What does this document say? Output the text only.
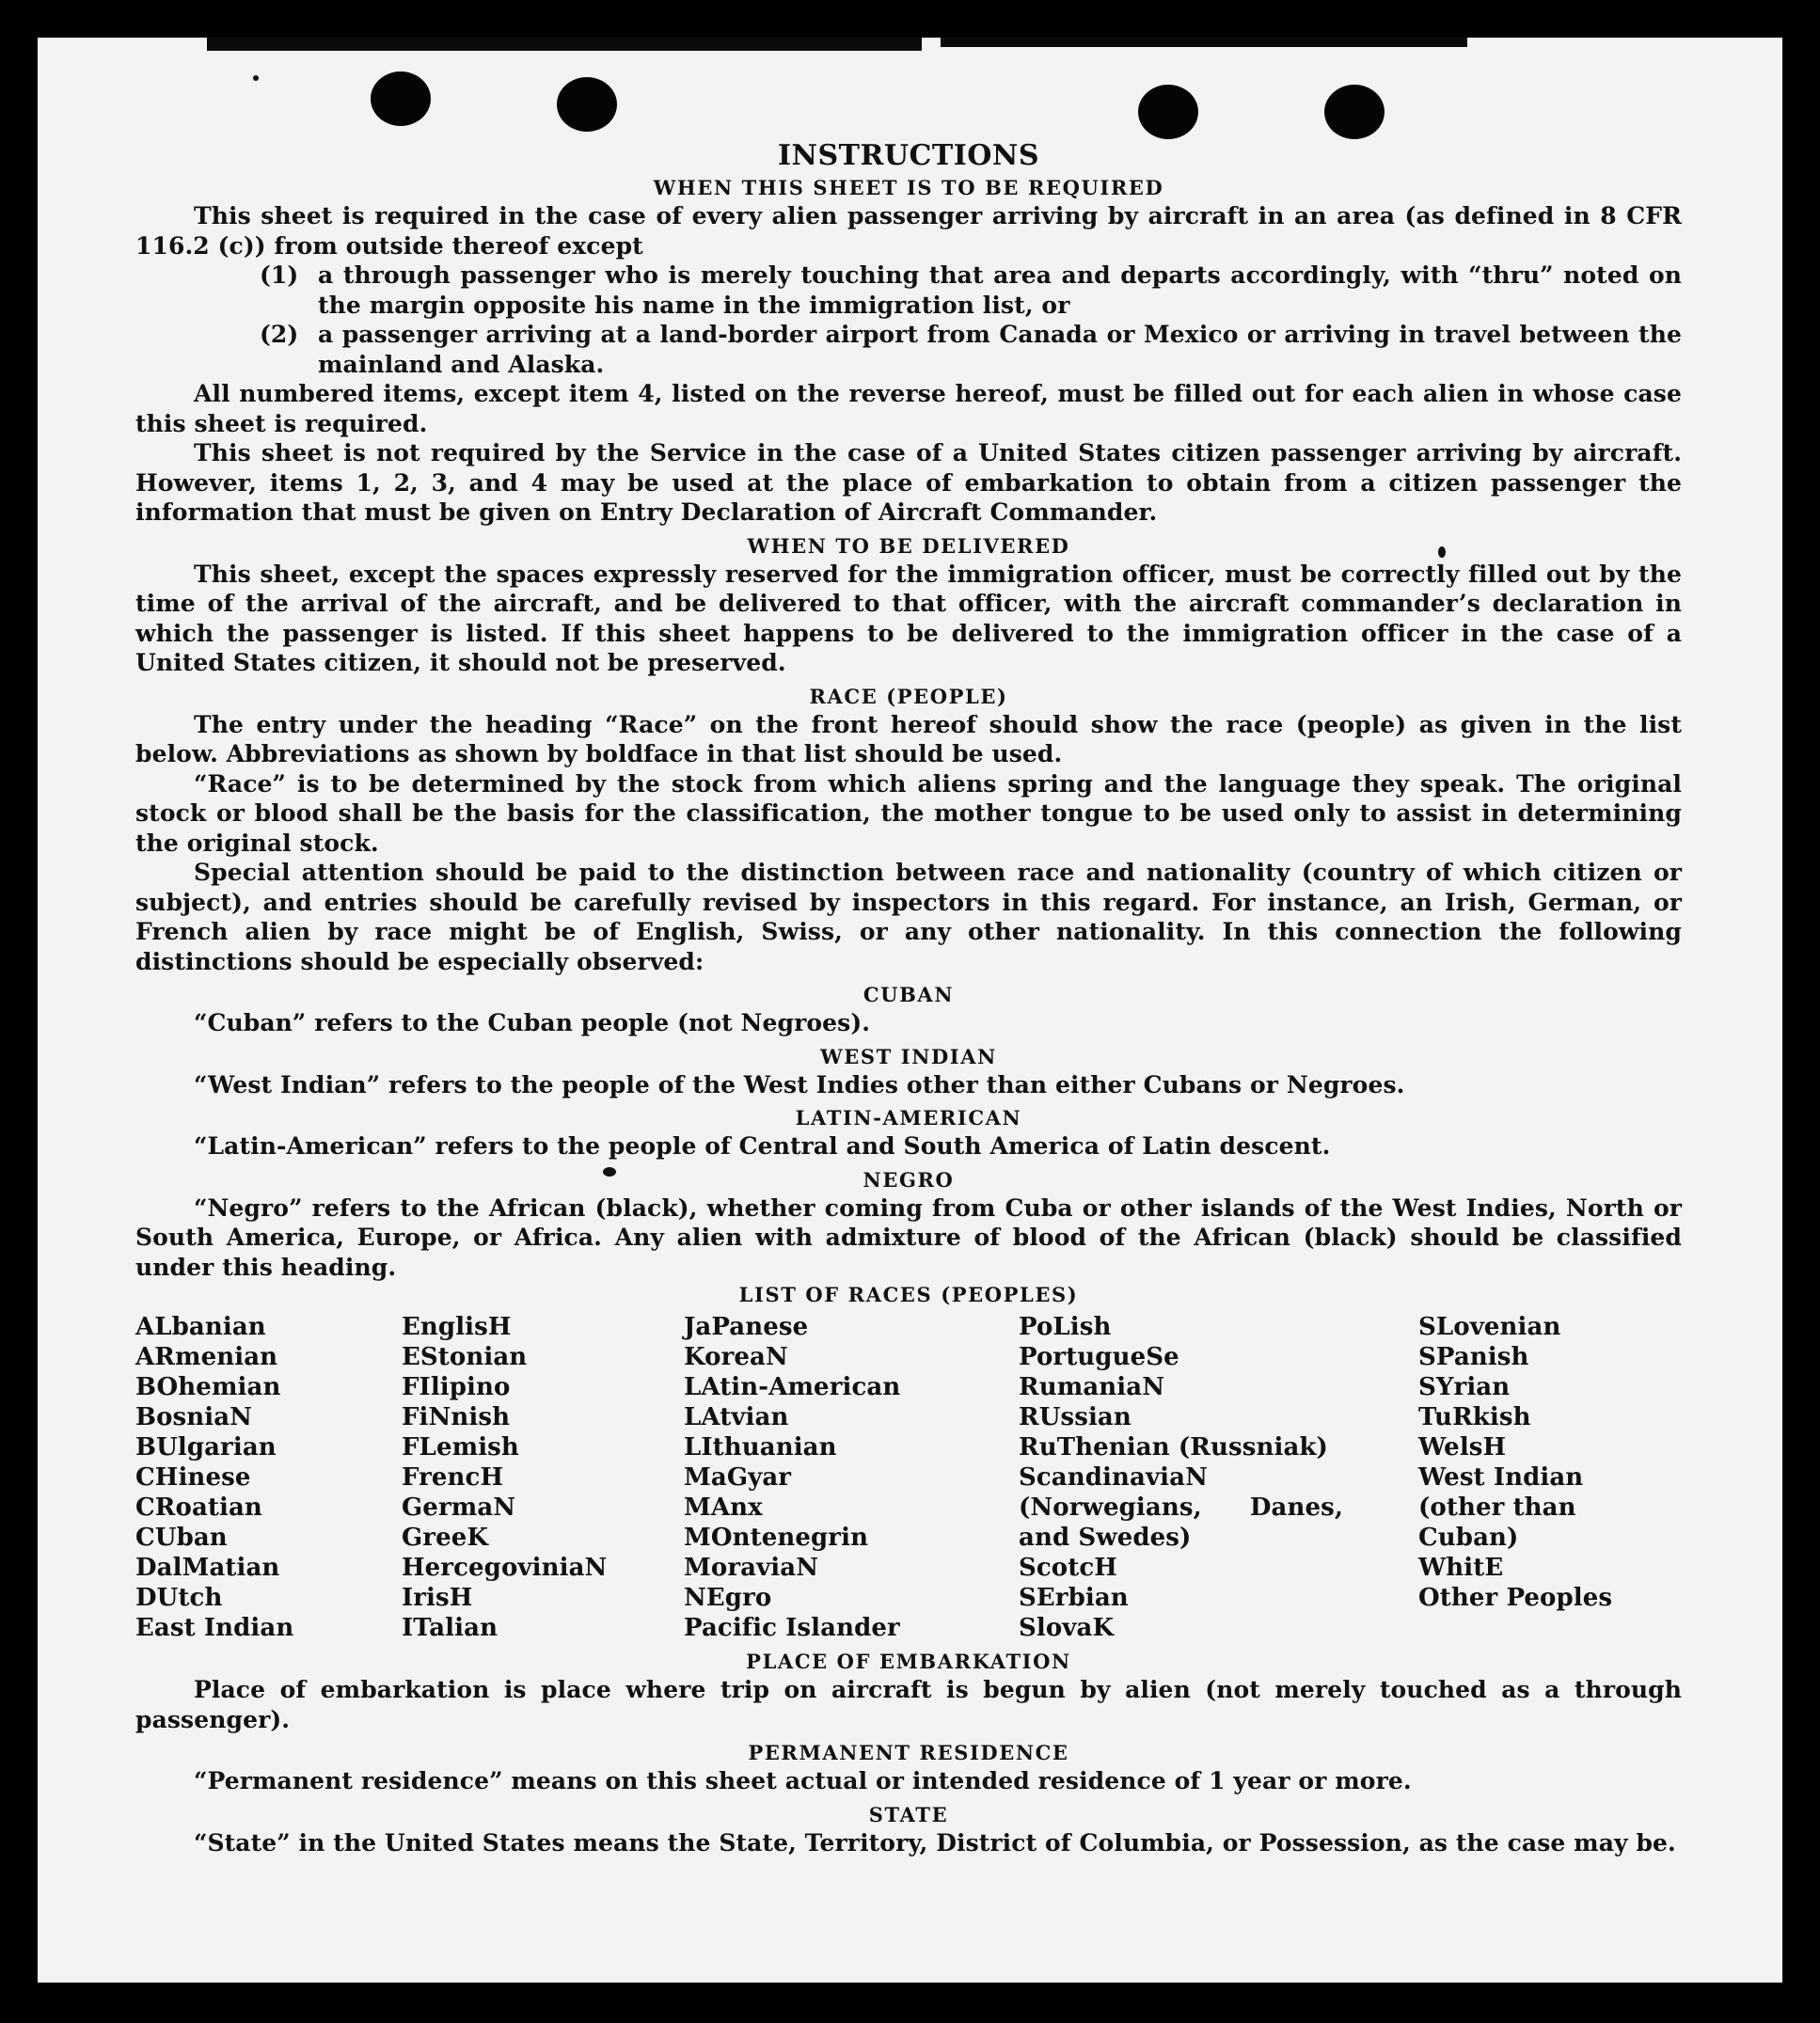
INSTRUCTIONS
WHEN THIS SHEET IS TO BE REQUIRED

This sheet is required in the case of every alien passenger arriving by aircraft in an area (as defined in 8 CFR 116.2 (c)) from outside thereof except

(1) a through passenger who is merely touching that area and departs accordingly, with “thru” noted on the margin opposite his name in the immigration list, or
(2) a passenger arriving at a land-border airport from Canada or Mexico or arriving in travel between the mainland and Alaska.

All numbered items, except item 4, listed on the reverse hereof, must be filled out for each alien in whose case this sheet is required.

This sheet is not required by the Service in the case of a United States citizen passenger arriving by aircraft. However, items 1, 2, 3, and 4 may be used at the place of embarkation to obtain from a citizen passenger the information that must be given on Entry Declaration of Aircraft Commander.

WHEN TO BE DELIVERED

This sheet, except the spaces expressly reserved for the immigration officer, must be correctly filled out by the time of the arrival of the aircraft, and be delivered to that officer, with the aircraft commander’s declaration in which the passenger is listed. If this sheet happens to be delivered to the immigration officer in the case of a United States citizen, it should not be preserved.

RACE (PEOPLE)

The entry under the heading “Race” on the front hereof should show the race (people) as given in the list below. Abbreviations as shown by boldface in that list should be used.

“Race” is to be determined by the stock from which aliens spring and the language they speak. The original stock or blood shall be the basis for the classification, the mother tongue to be used only to assist in determining the original stock.

Special attention should be paid to the distinction between race and nationality (country of which citizen or subject), and entries should be carefully revised by inspectors in this regard. For instance, an Irish, German, or French alien by race might be of English, Swiss, or any other nationality. In this connection the following distinctions should be especially observed:

CUBAN
“Cuban” refers to the Cuban people (not Negroes).
WEST INDIAN
“West Indian” refers to the people of the West Indies other than either Cubans or Negroes.
LATIN-AMERICAN
“Latin-American” refers to the people of Central and South America of Latin descent.
NEGRO

“Negro” refers to the African (black), whether coming from Cuba or other islands of the West Indies, North or South America, Europe, or Africa. Any alien with admixture of blood of the African (black) should be classified under this heading.

LIST OF RACES (PEOPLES)
ALbanian
ARmenian
BOhemian
BosniaN
BUlgarian
CHinese
CRoatian
CUban
DalMatian
DUtch
East Indian
EnglisH
EStonian
FIlipino
FiNnish
FLemish
FrencH
GermaN
GreeK
HercegoviniaN
IrisH
ITalian
JaPanese
KoreaN
LAtin-American
LAtvian
LIthuanian
MaGyar
MAnx
MOntenegrin
MoraviaN
NEgro
Pacific Islander
PoLish
PortugueSe
RumaniaN
RUssian
RuThenian (Russniak)
ScandinaviaN (Norwegians, Danes, and Swedes)
ScotcH
SErbian
SlovaK
SLovenian
SPanish
SYrian
TuRkish
WelsH
West Indian (other than Cuban)
WhitE
Other Peoples
PLACE OF EMBARKATION

Place of embarkation is place where trip on aircraft is begun by alien (not merely touched as a through passenger).

PERMANENT RESIDENCE
“Permanent residence” means on this sheet actual or intended residence of 1 year or more.
STATE

“State” in the United States means the State, Territory, District of Columbia, or Possession, as the case may be.
